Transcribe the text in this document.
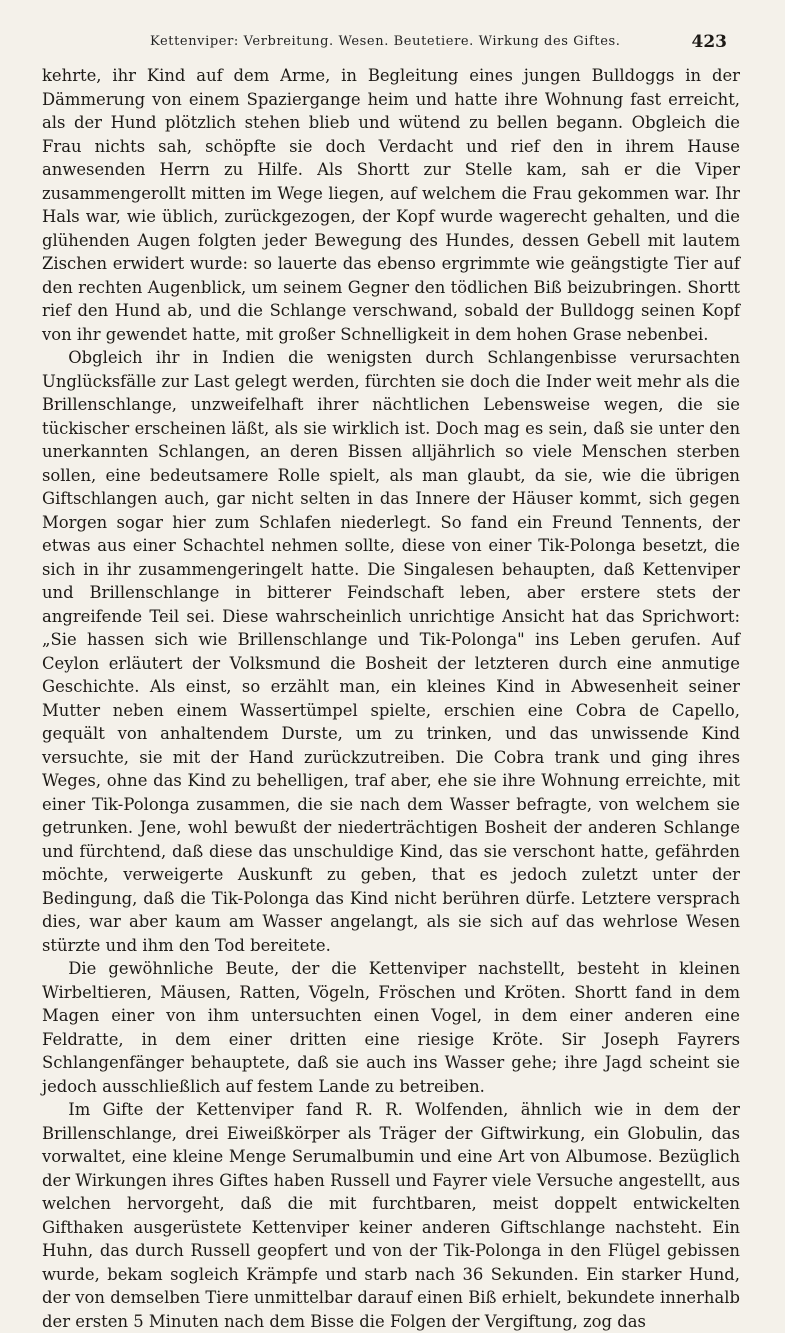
Kettenviper: Verbreitung. Wesen. Beutetiere. Wirkung des Giftes.	423

kehrte, ihr Kind auf dem Arme, in Begleitung eines jungen Bulldoggs in der Dämmerung von einem Spaziergange heim und hatte ihre Wohnung fast erreicht, als der Hund plötzlich stehen blieb und wütend zu bellen begann. Obgleich die Frau nichts sah, schöpfte sie doch Verdacht und rief den in ihrem Hause anwesenden Herrn zu Hilfe. Als Shortt zur Stelle kam, sah er die Viper zusammengerollt mitten im Wege liegen, auf welchem die Frau gekommen war. Ihr Hals war, wie üblich, zurückgezogen, der Kopf wurde wagerecht gehalten, und die glühenden Augen folgten jeder Bewegung des Hundes, dessen Gebell mit lautem Zischen erwidert wurde: so lauerte das ebenso ergrimmte wie geängstigte Tier auf den rechten Augenblick, um seinem Gegner den tödlichen Biß beizubringen. Shortt rief den Hund ab, und die Schlange verschwand, sobald der Bulldogg seinen Kopf von ihr gewendet hatte, mit großer Schnelligkeit in dem hohen Grase nebenbei.

Obgleich ihr in Indien die wenigsten durch Schlangenbisse verursachten Unglücksfälle zur Last gelegt werden, fürchten sie doch die Inder weit mehr als die Brillenschlange, unzweifelhaft ihrer nächtlichen Lebensweise wegen, die sie tückischer erscheinen läßt, als sie wirklich ist. Doch mag es sein, daß sie unter den unerkannten Schlangen, an deren Bissen alljährlich so viele Menschen sterben sollen, eine bedeutsamere Rolle spielt, als man glaubt, da sie, wie die übrigen Giftschlangen auch, gar nicht selten in das Innere der Häuser kommt, sich gegen Morgen sogar hier zum Schlafen niederlegt. So fand ein Freund Tennents, der etwas aus einer Schachtel nehmen sollte, diese von einer Tik-Polonga besetzt, die sich in ihr zusammengeringelt hatte. Die Singalesen behaupten, daß Kettenviper und Brillenschlange in bitterer Feindschaft leben, aber erstere stets der angreifende Teil sei. Diese wahrscheinlich unrichtige Ansicht hat das Sprichwort: „Sie hassen sich wie Brillenschlange und Tik-Polonga" ins Leben gerufen. Auf Ceylon erläutert der Volksmund die Bosheit der letzteren durch eine anmutige Geschichte. Als einst, so erzählt man, ein kleines Kind in Abwesenheit seiner Mutter neben einem Wassertümpel spielte, erschien eine Cobra de Capello, gequält von anhaltendem Durste, um zu trinken, und das unwissende Kind versuchte, sie mit der Hand zurückzutreiben. Die Cobra trank und ging ihres Weges, ohne das Kind zu behelligen, traf aber, ehe sie ihre Wohnung erreichte, mit einer Tik-Polonga zusammen, die sie nach dem Wasser befragte, von welchem sie getrunken. Jene, wohl bewußt der niederträchtigen Bosheit der anderen Schlange und fürchtend, daß diese das unschuldige Kind, das sie verschont hatte, gefährden möchte, verweigerte Auskunft zu geben, that es jedoch zuletzt unter der Bedingung, daß die Tik-Polonga das Kind nicht berühren dürfe. Letztere versprach dies, war aber kaum am Wasser angelangt, als sie sich auf das wehrlose Wesen stürzte und ihm den Tod bereitete.

Die gewöhnliche Beute, der die Kettenviper nachstellt, besteht in kleinen Wirbeltieren, Mäusen, Ratten, Vögeln, Fröschen und Kröten. Shortt fand in dem Magen einer von ihm untersuchten einen Vogel, in dem einer anderen eine Feldratte, in dem einer dritten eine riesige Kröte. Sir Joseph Fayrers Schlangenfänger behauptete, daß sie auch ins Wasser gehe; ihre Jagd scheint sie jedoch ausschließlich auf festem Lande zu betreiben.

Im Gifte der Kettenviper fand R. R. Wolfenden, ähnlich wie in dem der Brillenschlange, drei Eiweißkörper als Träger der Giftwirkung, ein Globulin, das vorwaltet, eine kleine Menge Serumalbumin und eine Art von Albumose. Bezüglich der Wirkungen ihres Giftes haben Russell und Fayrer viele Versuche angestellt, aus welchen hervorgeht, daß die mit furchtbaren, meist doppelt entwickelten Gifthaken ausgerüstete Kettenviper keiner anderen Giftschlange nachsteht. Ein Huhn, das durch Russell geopfert und von der Tik-Polonga in den Flügel gebissen wurde, bekam sogleich Krämpfe und starb nach 36 Sekunden. Ein starker Hund, der von demselben Tiere unmittelbar darauf einen Biß erhielt, bekundete innerhalb der ersten 5 Minuten nach dem Bisse die Folgen der Vergiftung, zog das
